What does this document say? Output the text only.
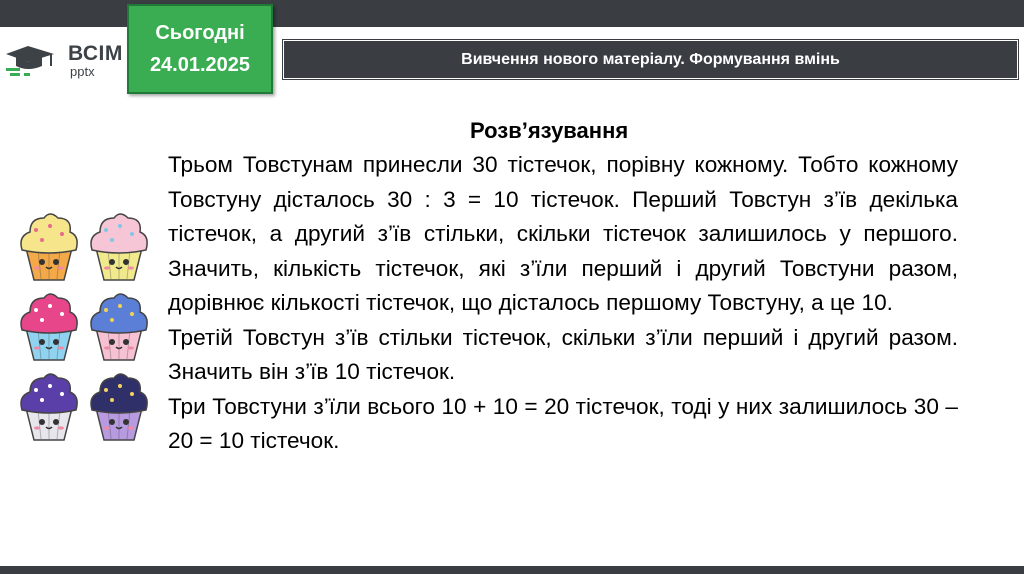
ВСІМ
pptx
Сьогодні
24.01.2025	Вивчення нового матеріалу. Формування вмінь
Розв’язування

Трьом Товстунам принесли 30 тістечок, порівну кожному. Тобто кожному Товстуну дісталось 30 : 3 = 10 тістечок. Перший Товстун з’їв декілька тістечок, а другий з’їв стільки, скільки тістечок залишилось у першого. Значить, кількість тістечок, які з’їли перший і другий Товстуни разом, дорівнює кількості тістечок, що дісталось першому Товстуну, а це 10.

Третій Товстун з’їв стільки тістечок, скільки з’їли перший і другий разом. Значить він з’їв 10 тістечок.

Три Товстуни з’їли всього 10 + 10 = 20 тістечок, тоді у них залишилось 30 – 20 = 10 тістечок.
